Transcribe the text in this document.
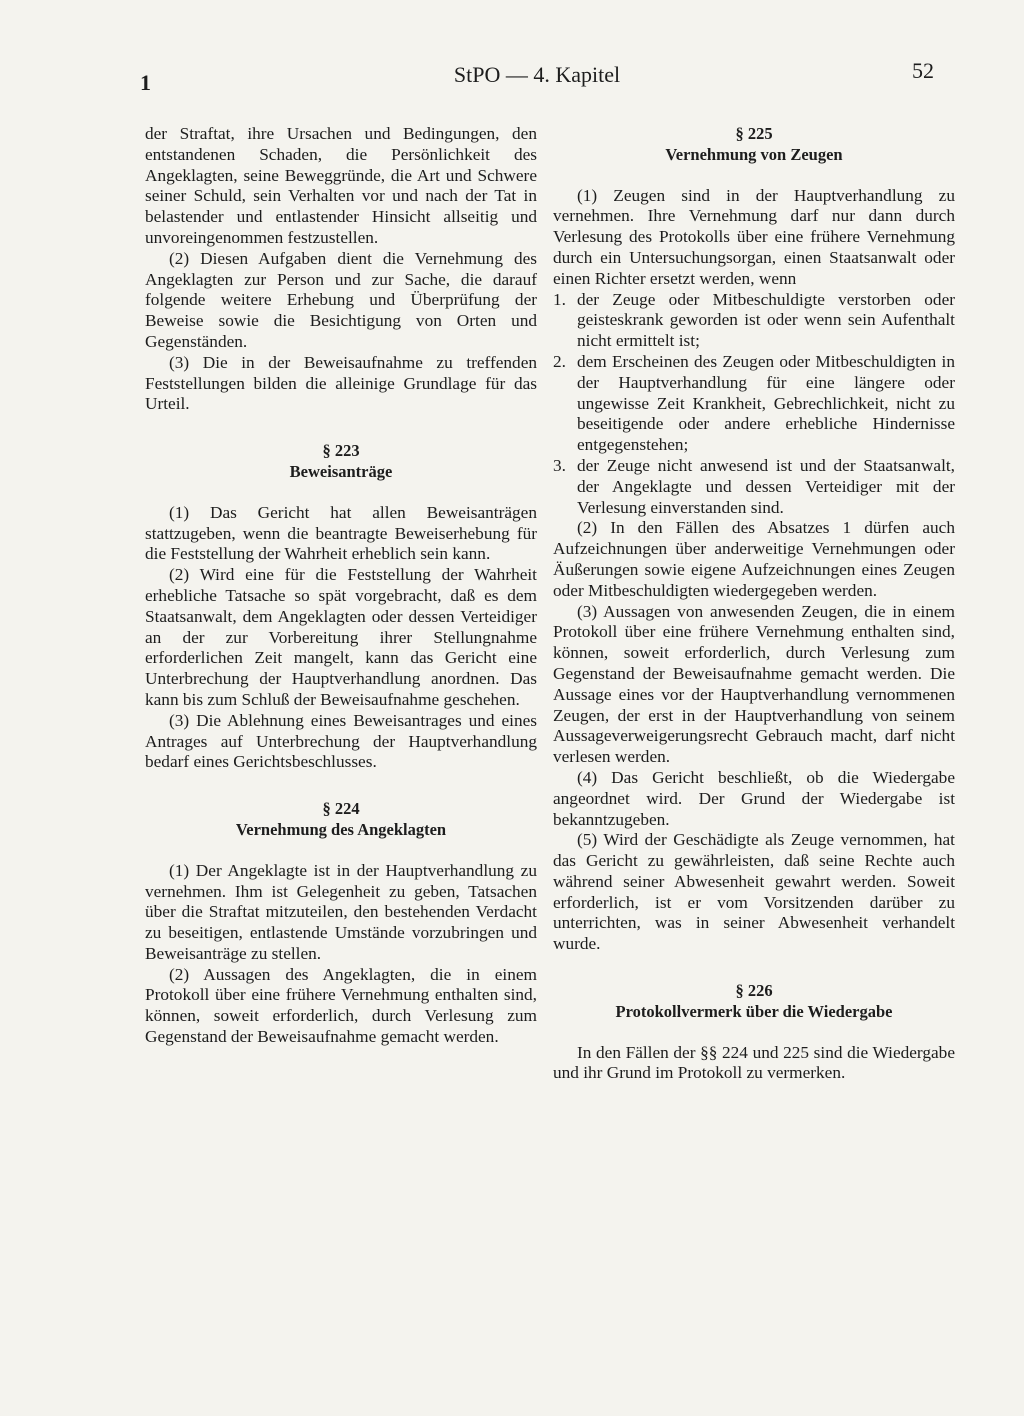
1	StPO — 4. Kapitel	52

der Straftat, ihre Ursachen und Bedingungen, den entstandenen Schaden, die Persönlichkeit des Angeklagten, seine Beweggründe, die Art und Schwere seiner Schuld, sein Verhalten vor und nach der Tat in belastender und entlastender Hinsicht allseitig und unvoreingenommen festzustellen.

(2) Diesen Aufgaben dient die Vernehmung des Angeklagten zur Person und zur Sache, die darauf folgende weitere Erhebung und Überprüfung der Beweise sowie die Besichtigung von Orten und Gegenständen.

(3) Die in der Beweisaufnahme zu treffenden Feststellungen bilden die alleinige Grundlage für das Urteil.

§ 223

Beweisanträge

(1) Das Gericht hat allen Beweisanträgen stattzugeben, wenn die beantragte Beweiserhebung für die Feststellung der Wahrheit erheblich sein kann.

(2) Wird eine für die Feststellung der Wahrheit erhebliche Tatsache so spät vorgebracht, daß es dem Staatsanwalt, dem Angeklagten oder dessen Verteidiger an der zur Vorbereitung ihrer Stellungnahme erforderlichen Zeit mangelt, kann das Gericht eine Unterbrechung der Hauptverhandlung anordnen. Das kann bis zum Schluß der Beweisaufnahme geschehen.

(3) Die Ablehnung eines Beweisantrages und eines Antrages auf Unterbrechung der Hauptverhandlung bedarf eines Gerichtsbeschlusses.

§ 224

Vernehmung des Angeklagten

(1) Der Angeklagte ist in der Hauptverhandlung zu vernehmen. Ihm ist Gelegenheit zu geben, Tatsachen über die Straftat mitzuteilen, den bestehenden Verdacht zu beseitigen, entlastende Umstände vorzubringen und Beweisanträge zu stellen.

(2) Aussagen des Angeklagten, die in einem Protokoll über eine frühere Vernehmung enthalten sind, können, soweit erforderlich, durch Verlesung zum Gegenstand der Beweisaufnahme gemacht werden.

§ 225

Vernehmung von Zeugen

(1) Zeugen sind in der Hauptverhandlung zu vernehmen. Ihre Vernehmung darf nur dann durch Verlesung des Protokolls über eine frühere Vernehmung durch ein Untersuchungsorgan, einen Staatsanwalt oder einen Richter ersetzt werden, wenn

1. der Zeuge oder Mitbeschuldigte verstorben oder geisteskrank geworden ist oder wenn sein Aufenthalt nicht ermittelt ist;

2. dem Erscheinen des Zeugen oder Mitbeschuldigten in der Hauptverhandlung für eine längere oder ungewisse Zeit Krankheit, Gebrechlichkeit, nicht zu beseitigende oder andere erhebliche Hindernisse entgegenstehen;

3. der Zeuge nicht anwesend ist und der Staatsanwalt, der Angeklagte und dessen Verteidiger mit der Verlesung einverstanden sind.

(2) In den Fällen des Absatzes 1 dürfen auch Aufzeichnungen über anderweitige Vernehmungen oder Äußerungen sowie eigene Aufzeichnungen eines Zeugen oder Mitbeschuldigten wiedergegeben werden.

(3) Aussagen von anwesenden Zeugen, die in einem Protokoll über eine frühere Vernehmung enthalten sind, können, soweit erforderlich, durch Verlesung zum Gegenstand der Beweisaufnahme gemacht werden. Die Aussage eines vor der Hauptverhandlung vernommenen Zeugen, der erst in der Hauptverhandlung von seinem Aussageverweigerungsrecht Gebrauch macht, darf nicht verlesen werden.

(4) Das Gericht beschließt, ob die Wiedergabe angeordnet wird. Der Grund der Wiedergabe ist bekanntzugeben.

(5) Wird der Geschädigte als Zeuge vernommen, hat das Gericht zu gewährleisten, daß seine Rechte auch während seiner Abwesenheit gewahrt werden. Soweit erforderlich, ist er vom Vorsitzenden darüber zu unterrichten, was in seiner Abwesenheit verhandelt wurde.

§ 226

Protokollvermerk über die Wiedergabe

In den Fällen der §§ 224 und 225 sind die Wiedergabe und ihr Grund im Protokoll zu vermerken.
